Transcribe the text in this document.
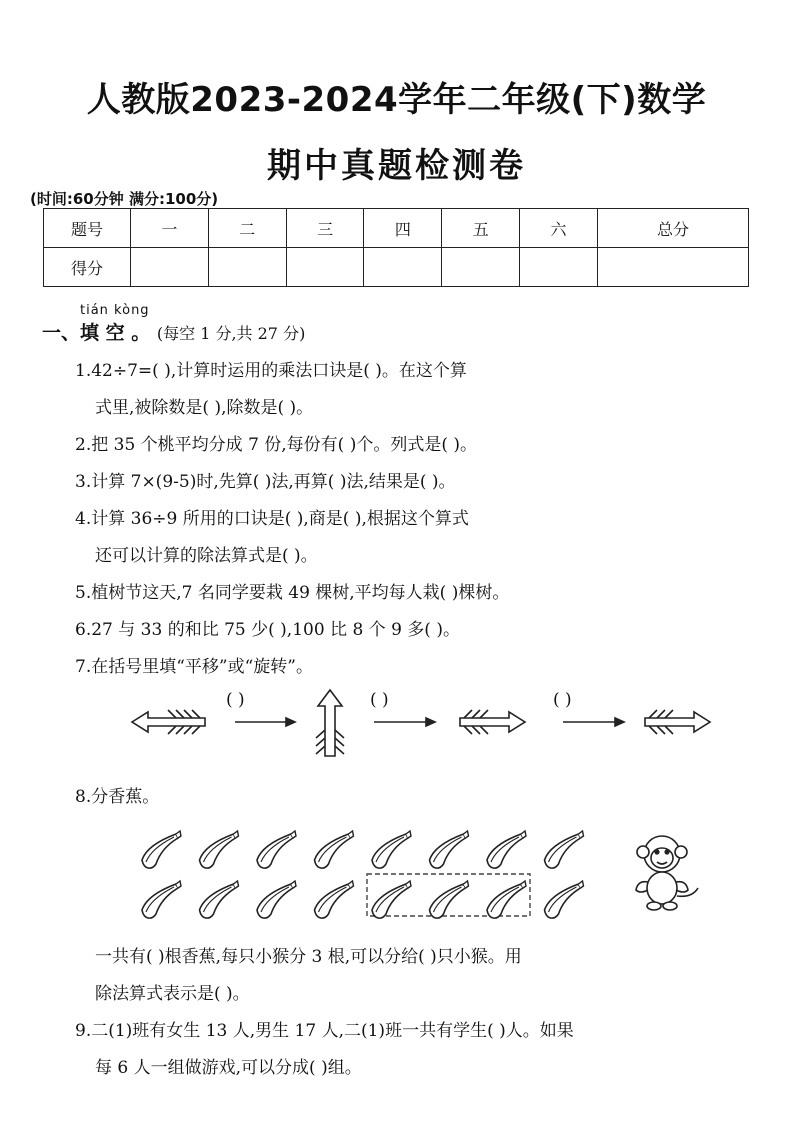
人教版2023-2024学年二年级(下)数学
期中真题检测卷
(时间:60分钟 满分:100分)
题号	一	二	三	四	五	六	总分
得分							
tián kòng
一、填 空 。 (每空 1 分,共 27 分)
1.42÷7=( ),计算时运用的乘法口诀是( )。在这个算
式里,被除数是( ),除数是( )。
2.把 35 个桃平均分成 7 份,每份有( )个。列式是( )。
3.计算 7×(9-5)时,先算( )法,再算( )法,结果是( )。
4.计算 36÷9 所用的口诀是( ),商是( ),根据这个算式
还可以计算的除法算式是( )。
5.植树节这天,7 名同学要栽 49 棵树,平均每人栽( )棵树。
6.27 与 33 的和比 75 少( ),100 比 8 个 9 多( )。
7.在括号里填“平移”或“旋转”。
( )	( )	( )
8.分香蕉。
一共有( )根香蕉,每只小猴分 3 根,可以分给( )只小猴。用
除法算式表示是( )。
9.二(1)班有女生 13 人,男生 17 人,二(1)班一共有学生( )人。如果
每 6 人一组做游戏,可以分成( )组。
